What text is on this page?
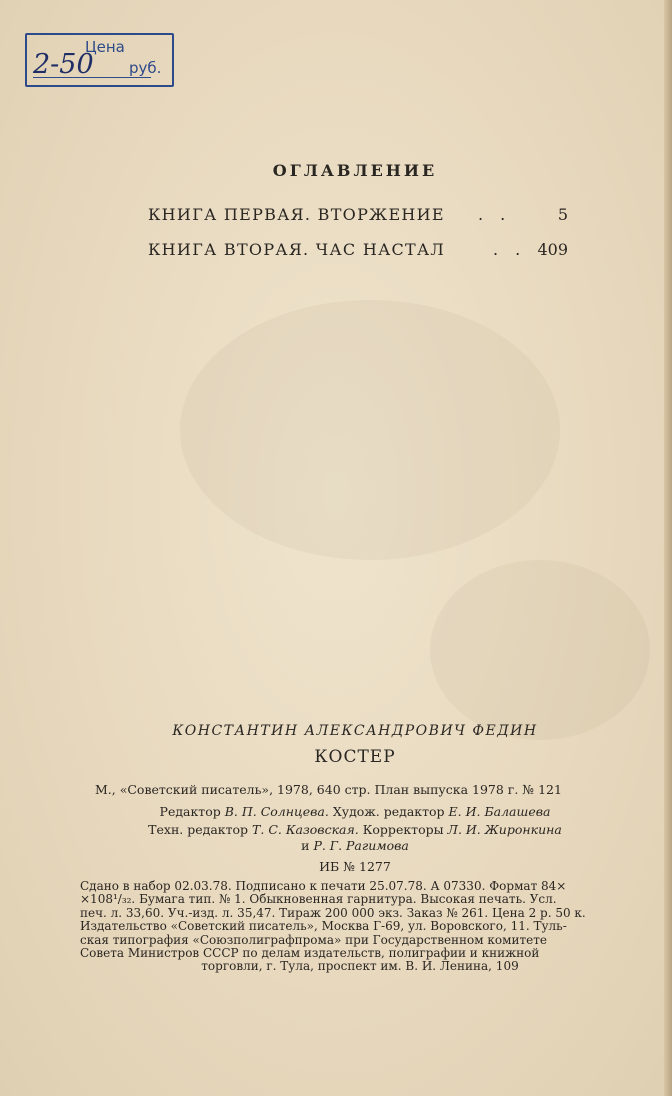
Цена
2-50 руб.
ОГЛАВЛЕНИЕ
КНИГА ПЕРВАЯ. ВТОРЖЕНИЕ . .	5
КНИГА ВТОРАЯ. ЧАС НАСТАЛ	. . 409
КОНСТАНТИН АЛЕКСАНДРОВИЧ ФЕДИН
КОСТЕР
М., «Советский писатель», 1978, 640 стр. План выпуска 1978 г. № 121
Редактор В. П. Солнцева. Худож. редактор Е. И. Балашева
Техн. редактор Т. С. Казовская. Корректоры Л. И. Жиронкина
и Р. Г. Рагимова
ИБ № 1277
Сдано в набор 02.03.78. Подписано к печати 25.07.78. А 07330. Формат 84×
×108¹/₃₂. Бумага тип. № 1. Обыкновенная гарнитура. Высокая печать. Усл.
печ. л. 33,60. Уч.-изд. л. 35,47. Тираж 200 000 экз. Заказ № 261. Цена 2 р. 50 к.
Издательство «Советский писатель», Москва Г-69, ул. Воровского, 11. Туль-
ская типография «Союзполиграфпрома» при Государственном комитете
Совета Министров СССР по делам издательств, полиграфии и книжной
торговли, г. Тула, проспект им. В. И. Ленина, 109
